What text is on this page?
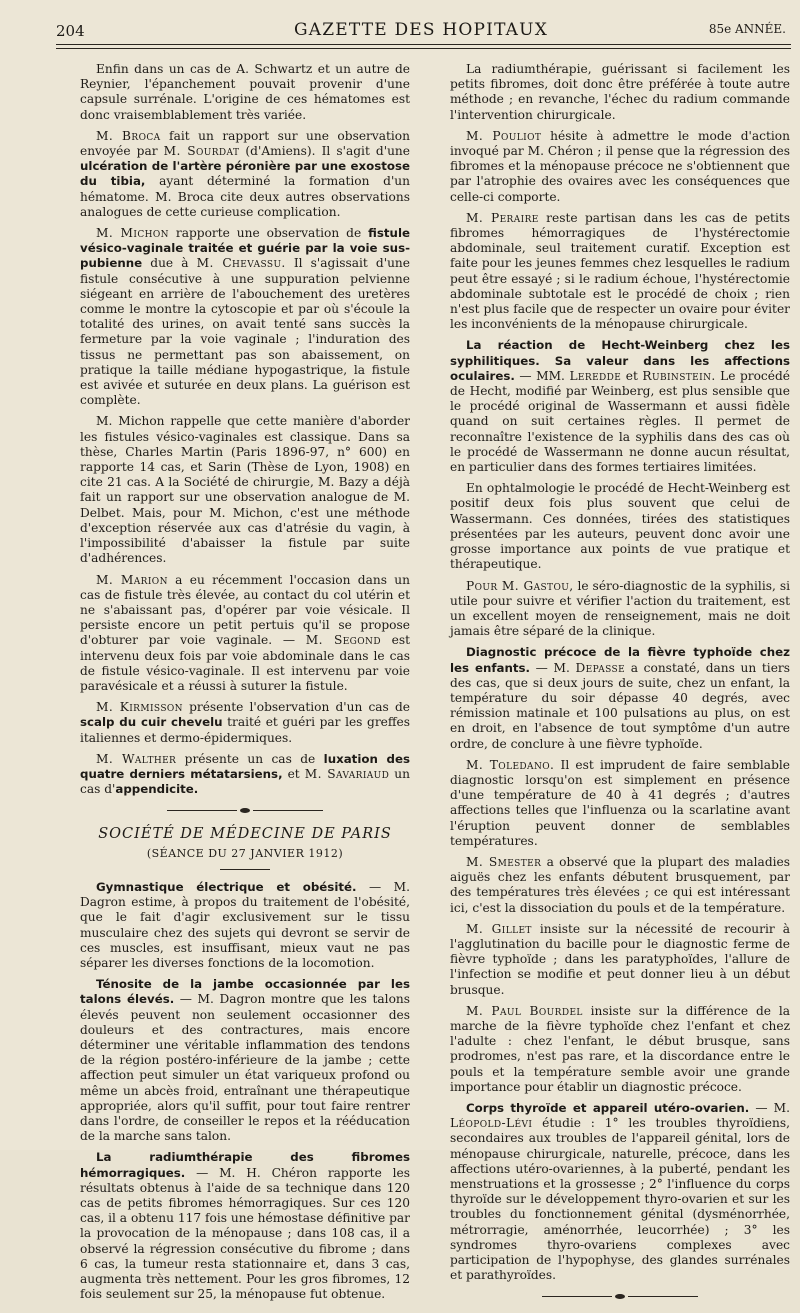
204	GAZETTE DES HOPITAUX	85e ANNÉE.

Enfin dans un cas de A. Schwartz et un autre de Reynier, l'épanchement pouvait provenir d'une capsule surrénale. L'origine de ces hématomes est donc vraisemblablement très variée.

M. Broca fait un rapport sur une observation envoyée par M. Sourdat (d'Amiens). Il s'agit d'une ulcération de l'artère péronière par une exostose du tibia, ayant déterminé la formation d'un hématome. M. Broca cite deux autres observations analogues de cette curieuse complication.

M. Michon rapporte une observation de fistule vésico-vaginale traitée et guérie par la voie sus-pubienne due à M. Chevassu. Il s'agissait d'une fistule consécutive à une suppuration pelvienne siégeant en arrière de l'abouchement des uretères comme le montre la cytoscopie et par où s'écoule la totalité des urines, on avait tenté sans succès la fermeture par la voie vaginale ; l'induration des tissus ne permettant pas son abaissement, on pratique la taille médiane hypogastrique, la fistule est avivée et suturée en deux plans. La guérison est complète.

M. Michon rappelle que cette manière d'aborder les fistules vésico-vaginales est classique. Dans sa thèse, Charles Martin (Paris 1896-97, n° 600) en rapporte 14 cas, et Sarin (Thèse de Lyon, 1908) en cite 21 cas. A la Société de chirurgie, M. Bazy a déjà fait un rapport sur une observation analogue de M. Delbet. Mais, pour M. Michon, c'est une méthode d'exception réservée aux cas d'atrésie du vagin, à l'impossibilité d'abaisser la fistule par suite d'adhérences.

M. Marion a eu récemment l'occasion dans un cas de fistule très élevée, au contact du col utérin et ne s'abaissant pas, d'opérer par voie vésicale. Il persiste encore un petit pertuis qu'il se propose d'obturer par voie vaginale. — M. Segond est intervenu deux fois par voie abdominale dans le cas de fistule vésico-vaginale. Il est intervenu par voie paravésicale et a réussi à suturer la fistule.

M. Kirmisson présente l'observation d'un cas de scalp du cuir chevelu traité et guéri par les greffes italiennes et dermo-épidermiques.

M. Walther présente un cas de luxation des quatre derniers métatarsiens, et M. Savariaud un cas d'appendicite.

SOCIÉTÉ DE MÉDECINE DE PARIS
(SÉANCE DU 27 JANVIER 1912)

Gymnastique électrique et obésité. — M. Dagron estime, à propos du traitement de l'obésité, que le fait d'agir exclusivement sur le tissu musculaire chez des sujets qui devront se servir de ces muscles, est insuffisant, mieux vaut ne pas séparer les diverses fonctions de la locomotion.

Ténosite de la jambe occasionnée par les talons élevés. — M. Dagron montre que les talons élevés peuvent non seulement occasionner des douleurs et des contractures, mais encore déterminer une véritable inflammation des tendons de la région postéro-inférieure de la jambe ; cette affection peut simuler un état variqueux profond ou même un abcès froid, entraînant une thérapeutique appropriée, alors qu'il suffit, pour tout faire rentrer dans l'ordre, de conseiller le repos et la rééducation de la marche sans talon.

La radiumthérapie des fibromes hémorragiques. — M. H. Chéron rapporte les résultats obtenus à l'aide de sa technique dans 120 cas de petits fibromes hémorragiques. Sur ces 120 cas, il a obtenu 117 fois une hémostase définitive par la provocation de la ménopause ; dans 108 cas, il a observé la régression consécutive du fibrome ; dans 6 cas, la tumeur resta stationnaire et, dans 3 cas, augmenta très nettement. Pour les gros fibromes, 12 fois seulement sur 25, la ménopause fut obtenue.

La radiumthérapie, guérissant si facilement les petits fibromes, doit donc être préférée à toute autre méthode ; en revanche, l'échec du radium commande l'intervention chirurgicale.

M. Pouliot hésite à admettre le mode d'action invoqué par M. Chéron ; il pense que la régression des fibromes et la ménopause précoce ne s'obtiennent que par l'atrophie des ovaires avec les conséquences que celle-ci comporte.

M. Peraire reste partisan dans les cas de petits fibromes hémorragiques de l'hystérectomie abdominale, seul traitement curatif. Exception est faite pour les jeunes femmes chez lesquelles le radium peut être essayé ; si le radium échoue, l'hystérectomie abdominale subtotale est le procédé de choix ; rien n'est plus facile que de respecter un ovaire pour éviter les inconvénients de la ménopause chirurgicale.

La réaction de Hecht-Weinberg chez les syphilitiques. Sa valeur dans les affections oculaires. — MM. Leredde et Rubinstein. Le procédé de Hecht, modifié par Weinberg, est plus sensible que le procédé original de Wassermann et aussi fidèle quand on suit certaines règles. Il permet de reconnaître l'existence de la syphilis dans des cas où le procédé de Wassermann ne donne aucun résultat, en particulier dans des formes tertiaires limitées.

En ophtalmologie le procédé de Hecht-Weinberg est positif deux fois plus souvent que celui de Wassermann. Ces données, tirées des statistiques présentées par les auteurs, peuvent donc avoir une grosse importance aux points de vue pratique et thérapeutique.

Pour M. Gastou, le séro-diagnostic de la syphilis, si utile pour suivre et vérifier l'action du traitement, est un excellent moyen de renseignement, mais ne doit jamais être séparé de la clinique.

Diagnostic précoce de la fièvre typhoïde chez les enfants. — M. Depasse a constaté, dans un tiers des cas, que si deux jours de suite, chez un enfant, la température du soir dépasse 40 degrés, avec rémission matinale et 100 pulsations au plus, on est en droit, en l'absence de tout symptôme d'un autre ordre, de conclure à une fièvre typhoïde.

M. Toledano. Il est imprudent de faire semblable diagnostic lorsqu'on est simplement en présence d'une température de 40 à 41 degrés ; d'autres affections telles que l'influenza ou la scarlatine avant l'éruption peuvent donner de semblables températures.

M. Smester a observé que la plupart des maladies aiguës chez les enfants débutent brusquement, par des températures très élevées ; ce qui est intéressant ici, c'est la dissociation du pouls et de la température.

M. Gillet insiste sur la nécessité de recourir à l'agglutination du bacille pour le diagnostic ferme de fièvre typhoïde ; dans les paratyphoïdes, l'allure de l'infection se modifie et peut donner lieu à un début brusque.

M. Paul Bourdel insiste sur la différence de la marche de la fièvre typhoïde chez l'enfant et chez l'adulte : chez l'enfant, le début brusque, sans prodromes, n'est pas rare, et la discordance entre le pouls et la température semble avoir une grande importance pour établir un diagnostic précoce.

Corps thyroïde et appareil utéro-ovarien. — M. Léopold-Lévi étudie : 1° les troubles thyroïdiens, secondaires aux troubles de l'appareil génital, lors de ménopause chirurgicale, naturelle, précoce, dans les affections utéro-ovariennes, à la puberté, pendant les menstruations et la grossesse ; 2° l'influence du corps thyroïde sur le développement thyro-ovarien et sur les troubles du fonctionnement génital (dysménorrhée, métrorragie, aménorrhée, leucorrhée) ; 3° les syndromes thyro-ovariens complexes avec participation de l'hypophyse, des glandes surrénales et parathyroïdes.
